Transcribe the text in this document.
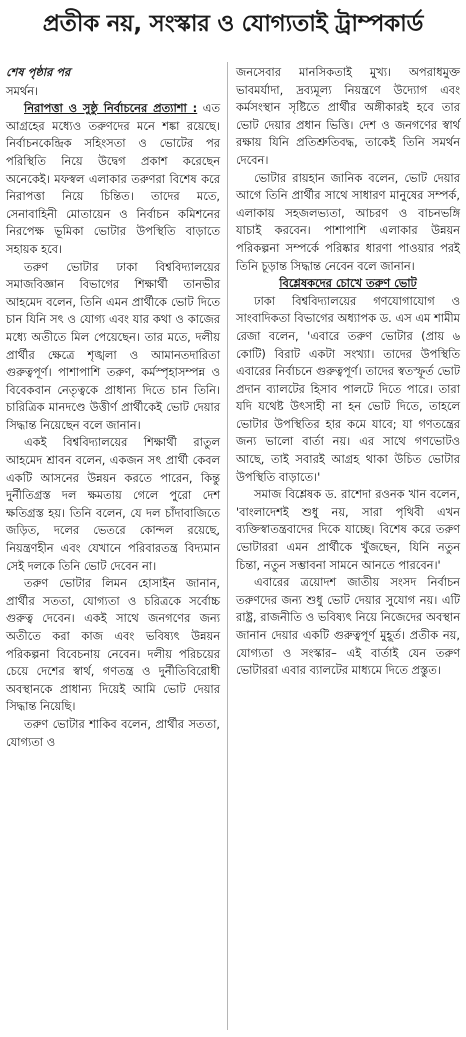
প্রতীক নয়, সংস্কার ও যোগ্যতাই ট্রাম্পকার্ড

শেষ পৃষ্ঠার পর

সমর্থন।

নিরাপত্তা ও সুষ্ঠু নির্বাচনের প্রত্যাশা : এত আগ্রহের মধ্যেও তরুণদের মনে শঙ্কা রয়েছে। নির্বাচনকেন্দ্রিক সহিংসতা ও ভোটের পর পরিস্থিতি নিয়ে উদ্বেগ প্রকাশ করেছেন অনেকেই। মফস্বল এলাকার তরুণরা বিশেষ করে নিরাপত্তা নিয়ে চিন্তিত। তাদের মতে, সেনাবাহিনী মোতায়েন ও নির্বাচন কমিশনের নিরপেক্ষ ভূমিকা ভোটার উপস্থিতি বাড়াতে সহায়ক হবে।

তরুণ ভোটার ঢাকা বিশ্ববিদ্যালয়ের সমাজবিজ্ঞান বিভাগের শিক্ষার্থী তানভীর আহমেদ বলেন, তিনি এমন প্রার্থীকে ভোট দিতে চান যিনি সৎ ও যোগ্য এবং যার কথা ও কাজের মধ্যে অতীতে মিল পেয়েছেন। তার মতে, দলীয় প্রার্থীর ক্ষেত্রে শৃঙ্খলা ও আমানতদারিতা গুরুত্বপূর্ণ। পাশাপাশি তরুণ, কর্মস্পৃহাসম্পন্ন ও বিবেকবান নেতৃত্বকে প্রাধান্য দিতে চান তিনি। চারিত্রিক মানদণ্ডে উত্তীর্ণ প্রার্থীকেই ভোট দেয়ার সিদ্ধান্ত নিয়েছেন বলে জানান।

একই বিশ্ববিদ্যালয়ের শিক্ষার্থী রাতুল আহমেদ শ্রাবন বলেন, একজন সৎ প্রার্থী কেবল একটি আসনের উন্নয়ন করতে পারেন, কিন্তু দুর্নীতিগ্রস্ত দল ক্ষমতায় গেলে পুরো দেশ ক্ষতিগ্রস্ত হয়। তিনি বলেন, যে দল চাঁদাবাজিতে জড়িত, দলের ভেতরে কোন্দল রয়েছে, নিয়ন্ত্রণহীন এবং যেখানে পরিবারতন্ত্র বিদ্যমান সেই দলকে তিনি ভোট দেবেন না।

তরুণ ভোটার লিমন হোসাইন জানান, প্রার্থীর সততা, যোগ্যতা ও চরিত্রকে সর্বোচ্চ গুরুত্ব দেবেন। একই সাথে জনগণের জন্য অতীতে করা কাজ এবং ভবিষ্যৎ উন্নয়ন পরিকল্পনা বিবেচনায় নেবেন। দলীয় পরিচয়ের চেয়ে দেশের স্বার্থ, গণতন্ত্র ও দুর্নীতিবিরোধী অবস্থানকে প্রাধান্য দিয়েই আমি ভোট দেয়ার সিদ্ধান্ত নিয়েছি।

তরুণ ভোটার শাকিব বলেন, প্রার্থীর সততা, যোগ্যতা ও

জনসেবার মানসিকতাই মুখ্য। অপরাধমুক্ত ভাবমর্যাদা, দ্রব্যমূল্য নিয়ন্ত্রণে উদ্যোগ এবং কর্মসংস্থান সৃষ্টিতে প্রার্থীর অঙ্গীকারই হবে তার ভোট দেয়ার প্রধান ভিত্তি। দেশ ও জনগণের স্বার্থ রক্ষায় যিনি প্রতিশ্রুতিবদ্ধ, তাকেই তিনি সমর্থন দেবেন।

ভোটার রায়হান জানিক বলেন, ভোট দেয়ার আগে তিনি প্রার্থীর সাথে সাধারণ মানুষের সম্পর্ক, এলাকায় সহজলভ্যতা, আচরণ ও বাচনভঙ্গি যাচাই করবেন। পাশাপাশি এলাকার উন্নয়ন পরিকল্পনা সম্পর্কে পরিষ্কার ধারণা পাওয়ার পরই তিনি চূড়ান্ত সিদ্ধান্ত নেবেন বলে জানান।

বিশ্লেষকদের চোখে তরুণ ভোট

ঢাকা বিশ্ববিদ্যালয়ের গণযোগাযোগ ও সাংবাদিকতা বিভাগের অধ্যাপক ড. এস এম শামীম রেজা বলেন, 'এবারে তরুণ ভোটার (প্রায় ৬ কোটি) বিরাট একটা সংখ্যা। তাদের উপস্থিতি এবারের নির্বাচনে গুরুত্বপূর্ণ। তাদের স্বতস্ফূর্ত ভোট প্রদান ব্যালটের হিসাব পালটে দিতে পারে। তারা যদি যথেষ্ট উৎসাহী না হন ভোট দিতে, তাহলে ভোটার উপস্থিতির হার কমে যাবে; যা গণতন্ত্রের জন্য ভালো বার্তা নয়। এর সাথে গণভোটও আছে, তাই সবারই আগ্রহ থাকা উচিত ভোটার উপস্থিতি বাড়াতে।'

সমাজ বিশ্লেষক ড. রাশেদা রওনক খান বলেন, 'বাংলাদেশই শুধু নয়, সারা পৃথিবী এখন ব্যক্তিস্বাতন্ত্রবাদের দিকে যাচ্ছে। বিশেষ করে তরুণ ভোটাররা এমন প্রার্থীকে খুঁজছেন, যিনি নতুন চিন্তা, নতুন সম্ভাবনা সামনে আনতে পারবেন।'

এবারের ত্রয়োদশ জাতীয় সংসদ নির্বাচন তরুণদের জন্য শুধু ভোট দেয়ার সুযোগ নয়। এটি রাষ্ট্র, রাজনীতি ও ভবিষ্যৎ নিয়ে নিজেদের অবস্থান জানান দেয়ার একটি গুরুত্বপূর্ণ মুহূর্ত। প্রতীক নয়, যোগ্যতা ও সংস্কার– এই বার্তাই যেন তরুণ ভোটাররা এবার ব্যালটের মাধ্যমে দিতে প্রস্তুত।
